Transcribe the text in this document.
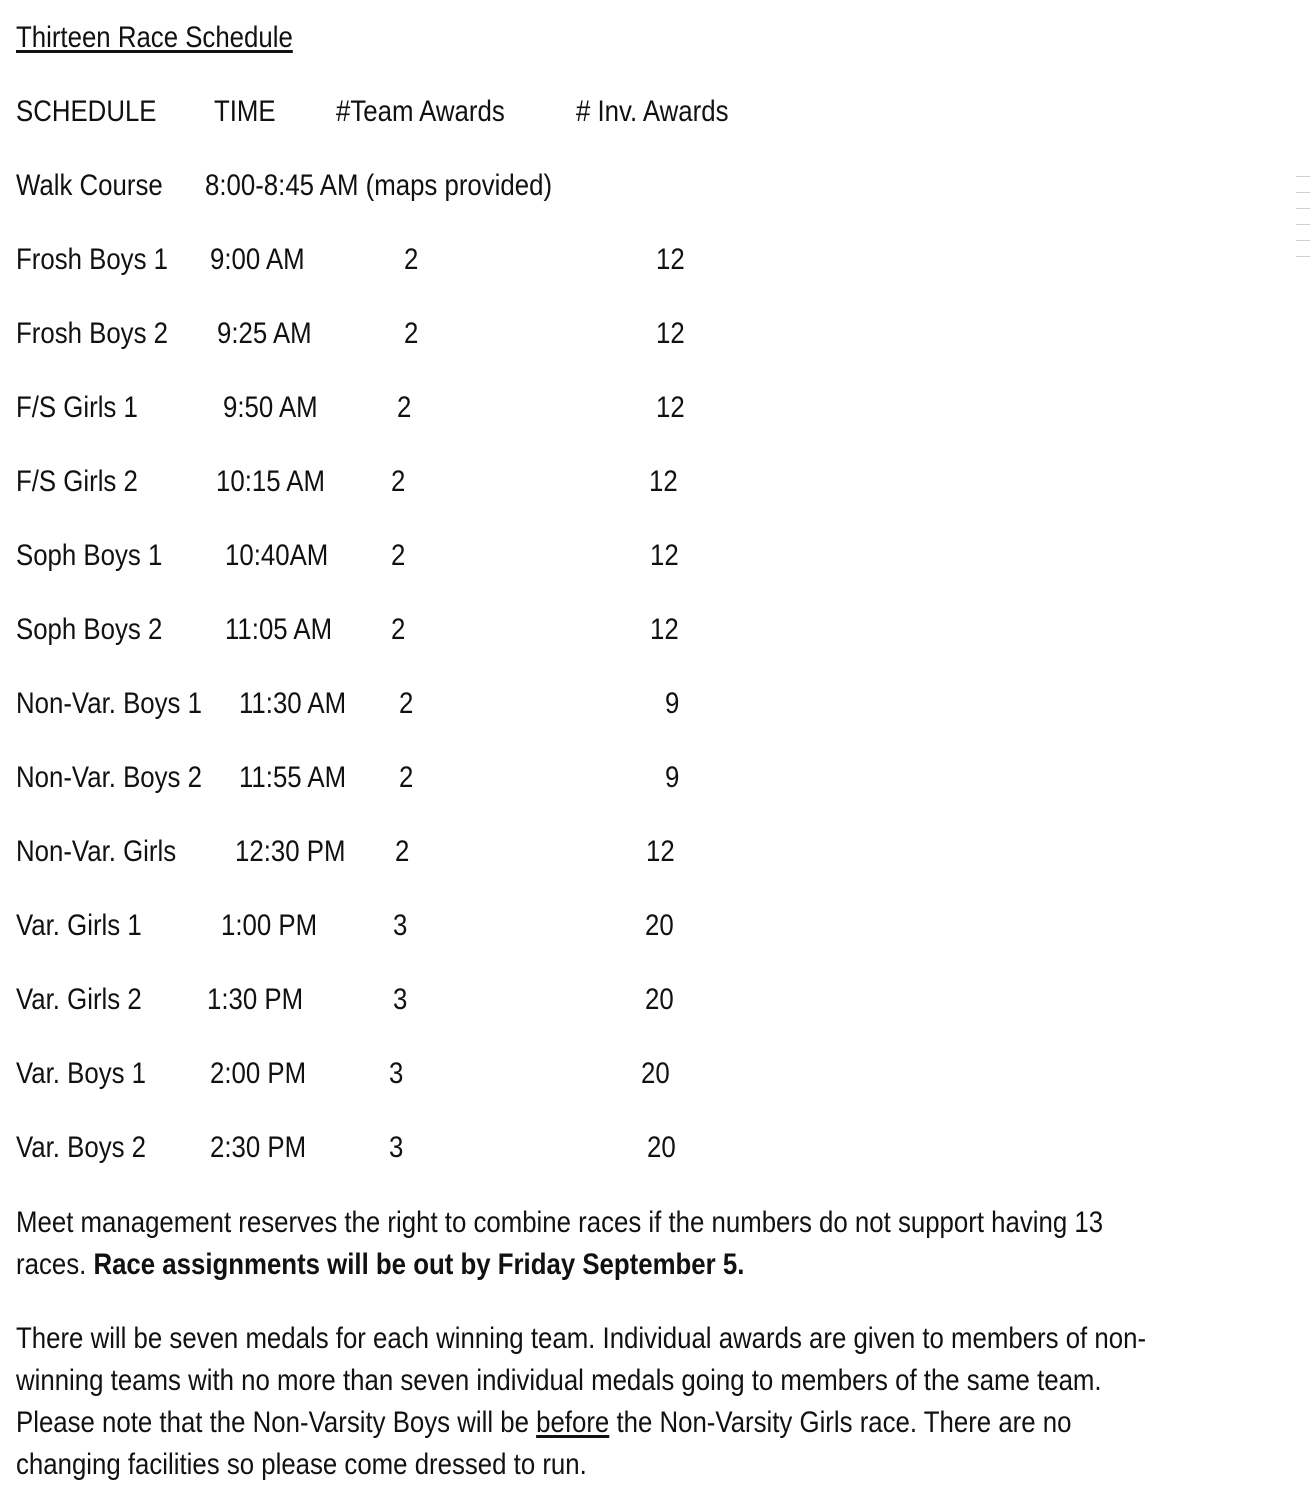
Thirteen Race Schedule
SCHEDULE TIME #Team Awards # Inv. Awards
Walk Course 8:00-8:45 AM (maps provided)
Frosh Boys 1 9:00 AM	2	12
Frosh Boys 2 9:25 AM	2	12
F/S Girls 1	9:50 AM	2	12
F/S Girls 2	10:15 AM 2	12
Soph Boys 1 10:40AM 2	12
Soph Boys 2 11:05 AM 2	12
Non-Var. Boys 1 11:30 AM 2	9
Non-Var. Boys 2 11:55 AM 2	9
Non-Var. Girls 12:30 PM 2	12
Var. Girls 1	1:00 PM	3	20
Var. Girls 2 1:30 PM	3	20
Var. Boys 1 2:00 PM	3	20
Var. Boys 2 2:30 PM	3	20
Meet management reserves the right to combine races if the numbers do not support having 13 races. Race assignments will be out by Friday September 5.
There will be seven medals for each winning team. Individual awards are given to members of non-winning teams with no more than seven individual medals going to members of the same team. Please note that the Non-Varsity Boys will be before the Non-Varsity Girls race. There are no changing facilities so please come dressed to run.
